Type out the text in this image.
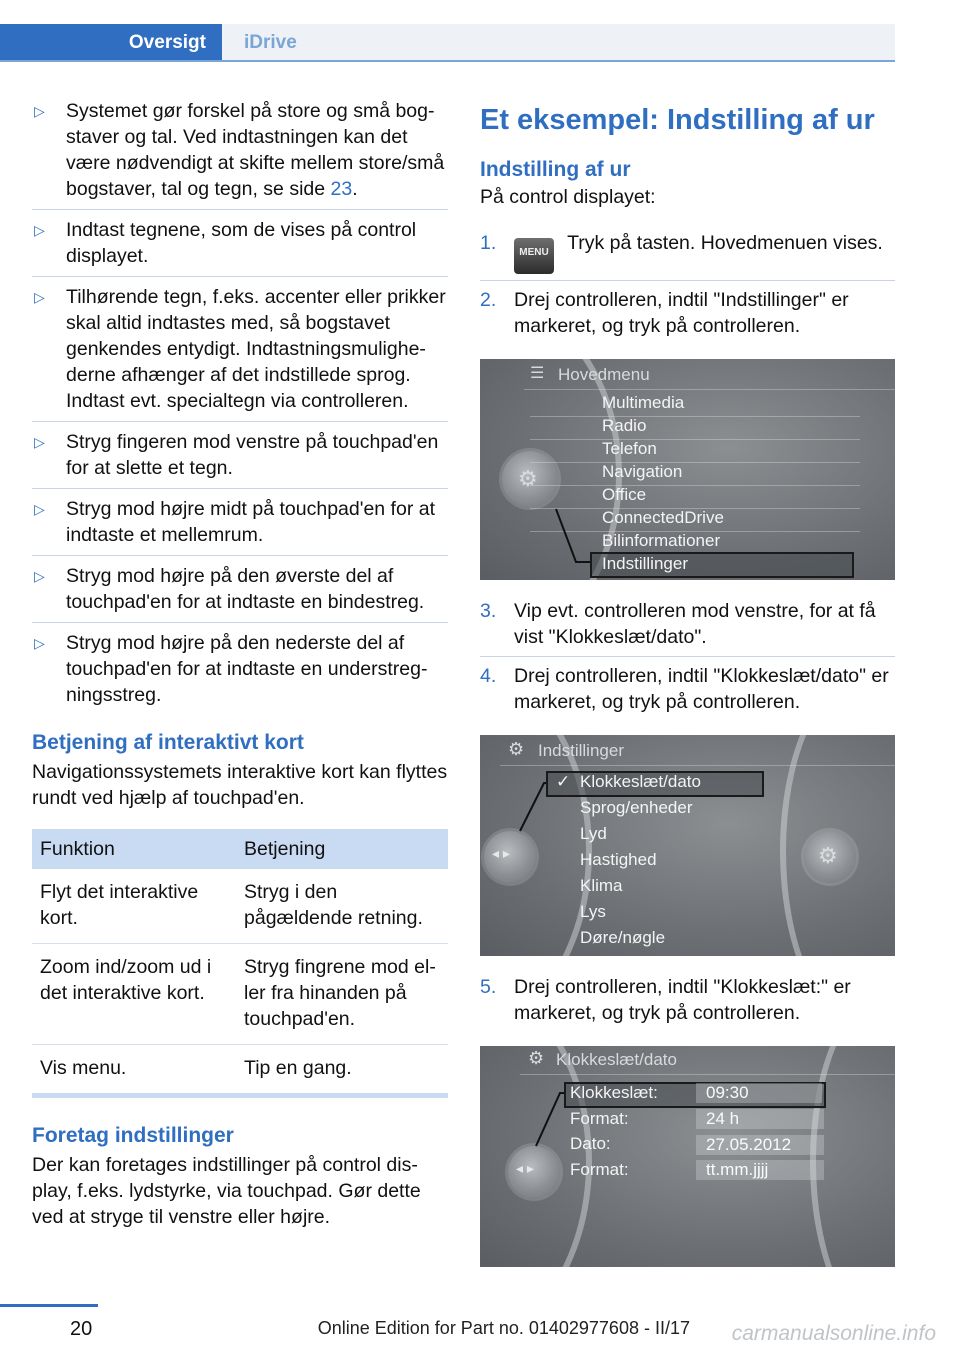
Oversigt	iDrive
▷ Systemet gør forskel på store og små bogstaver og tal. Ved indtastningen kan det være nødvendigt at skifte mellem store/små bogstaver, tal og tegn, se side 23.
▷ Indtast tegnene, som de vises på control displayet.
▷ Tilhørende tegn, f.eks. accenter eller prikker skal altid indtastes med, så bogstavet genkendes entydigt. Indtastningsmulighederne afhænger af det indstillede sprog. Indtast evt. specialtegn via controlleren.
▷ Stryg fingeren mod venstre på touchpad'en for at slette et tegn.
▷ Stryg mod højre midt på touchpad'en for at indtaste et mellemrum.
▷ Stryg mod højre på den øverste del af touchpad'en for at indtaste en bindestreg.
▷ Stryg mod højre på den nederste del af touchpad'en for at indtaste en understregningsstreg.
Betjening af interaktivt kort

Navigationssystemets interaktive kort kan flyttes rundt ved hjælp af touchpad'en.

Funktion	Betjening
Flyt det interaktive kort.	Stryg i den pågældende retning.
Zoom ind/zoom ud i det interaktive kort.	Stryg fingrene mod eller fra hinanden på touchpad'en.
Vis menu.	Tip en gang.
Foretag indstillinger

Der kan foretages indstillinger på control display, f.eks. lydstyrke, via touchpad. Gør dette ved at stryge til venstre eller højre.

Et eksempel: Indstilling af ur
Indstilling af ur

På control displayet:

1. MENU Tryk på tasten. Hovedmenuen vises.
2. Drej controlleren, indtil "Indstillinger" er markeret, og tryk på controlleren.
⚙
☰ Hovedmenu
Multimedia
Radio
Telefon
Navigation
Office
ConnectedDrive
Bilinformationer
Indstillinger
3. Vip evt. controlleren mod venstre, for at få vist "Klokkeslæt/dato".
4. Drej controlleren, indtil "Klokkeslæt/dato" er markeret, og tryk på controlleren.
◂ ▸	⚙
⚙ Indstillinger
✓ Klokkeslæt/dato
Sprog/enheder
Lyd
Hastighed
Klima
Lys
Døre/nøgle
5. Drej controlleren, indtil "Klokkeslæt:" er markeret, og tryk på controlleren.
◂ ▸
⚙ Klokkeslæt/dato
Klokkeslæt:	09:30
Format:	24 h
Dato:	27.05.2012
Format:	tt.mm.jjjj
20	Online Edition for Part no. 01402977608 - II/17 carmanualsonline.info
